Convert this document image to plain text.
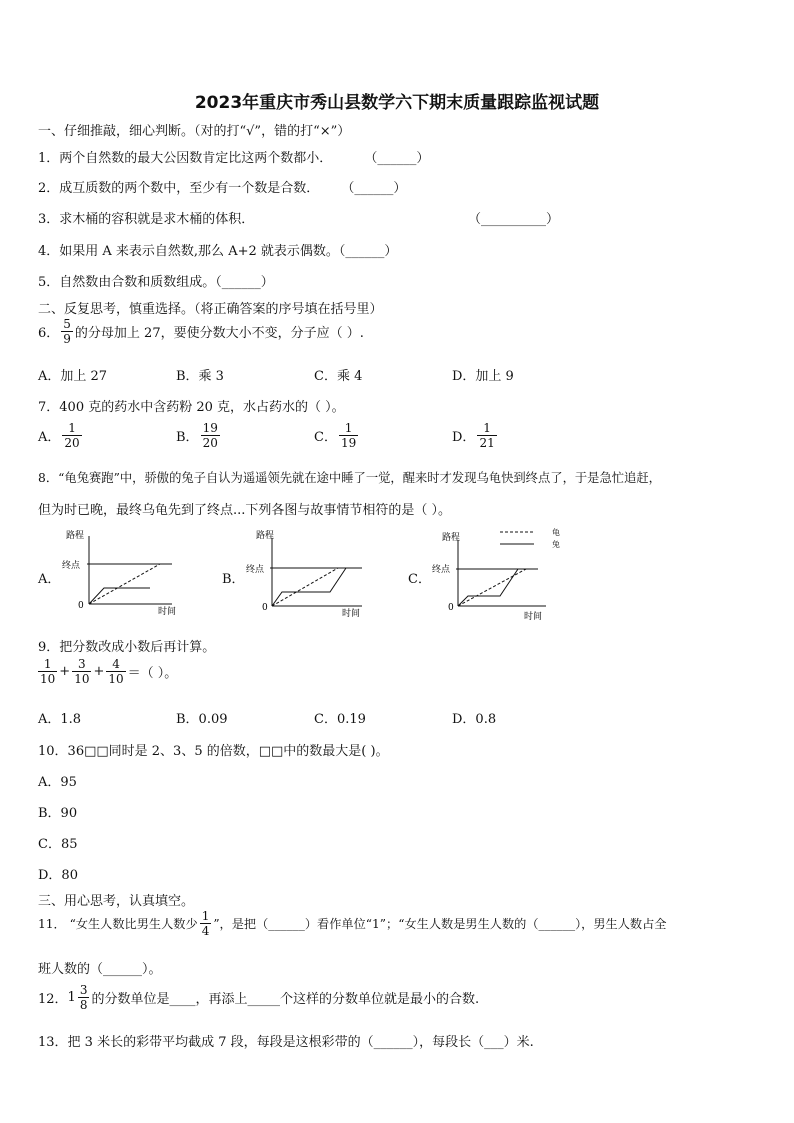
2023年重庆市秀山县数学六下期末质量跟踪监视试题
一、仔细推敲，细心判断。（对的打“√”，错的打“×”）
1．两个自然数的最大公因数肯定比这两个数都小． （______）
2．成互质数的两个数中，至少有一个数是合数． （______）
3．求木桶的容积就是求木桶的体积．	（__________）
4．如果用 A 来表示自然数,那么 A+2 就表示偶数。（______）
5．自然数由合数和质数组成。（______）
二、反复思考，慎重选择。（将正确答案的序号填在括号里）
6． $\frac{5}{9}$ 的分母加上 27，要使分数大小不变，分子应（ ）.
A．加上 27	B．乘 3	C．乘 4	D．加上 9
7．400 克的药水中含药粉 20 克，水占药水的（ ）。
A． $\frac{1}{20}$	B． $\frac{19}{20}$	C． $\frac{1}{19}$	D． $\frac{1}{21}$
8．“龟兔赛跑”中，骄傲的兔子自认为遥遥领先就在途中睡了一觉，醒来时才发现乌龟快到终点了，于是急忙追赶，
但为时已晚，最终乌龟先到了终点...下列各图与故事情节相符的是（ ）。
A．
路程
终点
0
时间
B．
路程
终点
0
时间
C．
路程
龟
兔
终点
0
时间
9．把分数改成小数后再计算。
$\frac{1}{10} + \frac{3}{10} + \frac{4}{10}$ ＝（ ）。
A．1.8	B．0.09	C．0.19	D．0.8
10．36□□同时是 2、3、5 的倍数，□□中的数最大是( )。
A．95
B．90
C．85
D．80
三、用心思考，认真填空。
11． “女生人数比男生人数少 $\frac{1}{4}$ ”，是把（______）看作单位“1”；“女生人数是男生人数的（______），男生人数占全
班人数的（______）。
12． $1 \frac{3}{8}$ 的分数单位是____，再添上_____个这样的分数单位就是最小的合数.
13．把 3 米长的彩带平均截成 7 段，每段是这根彩带的（______），每段长（___）米.
